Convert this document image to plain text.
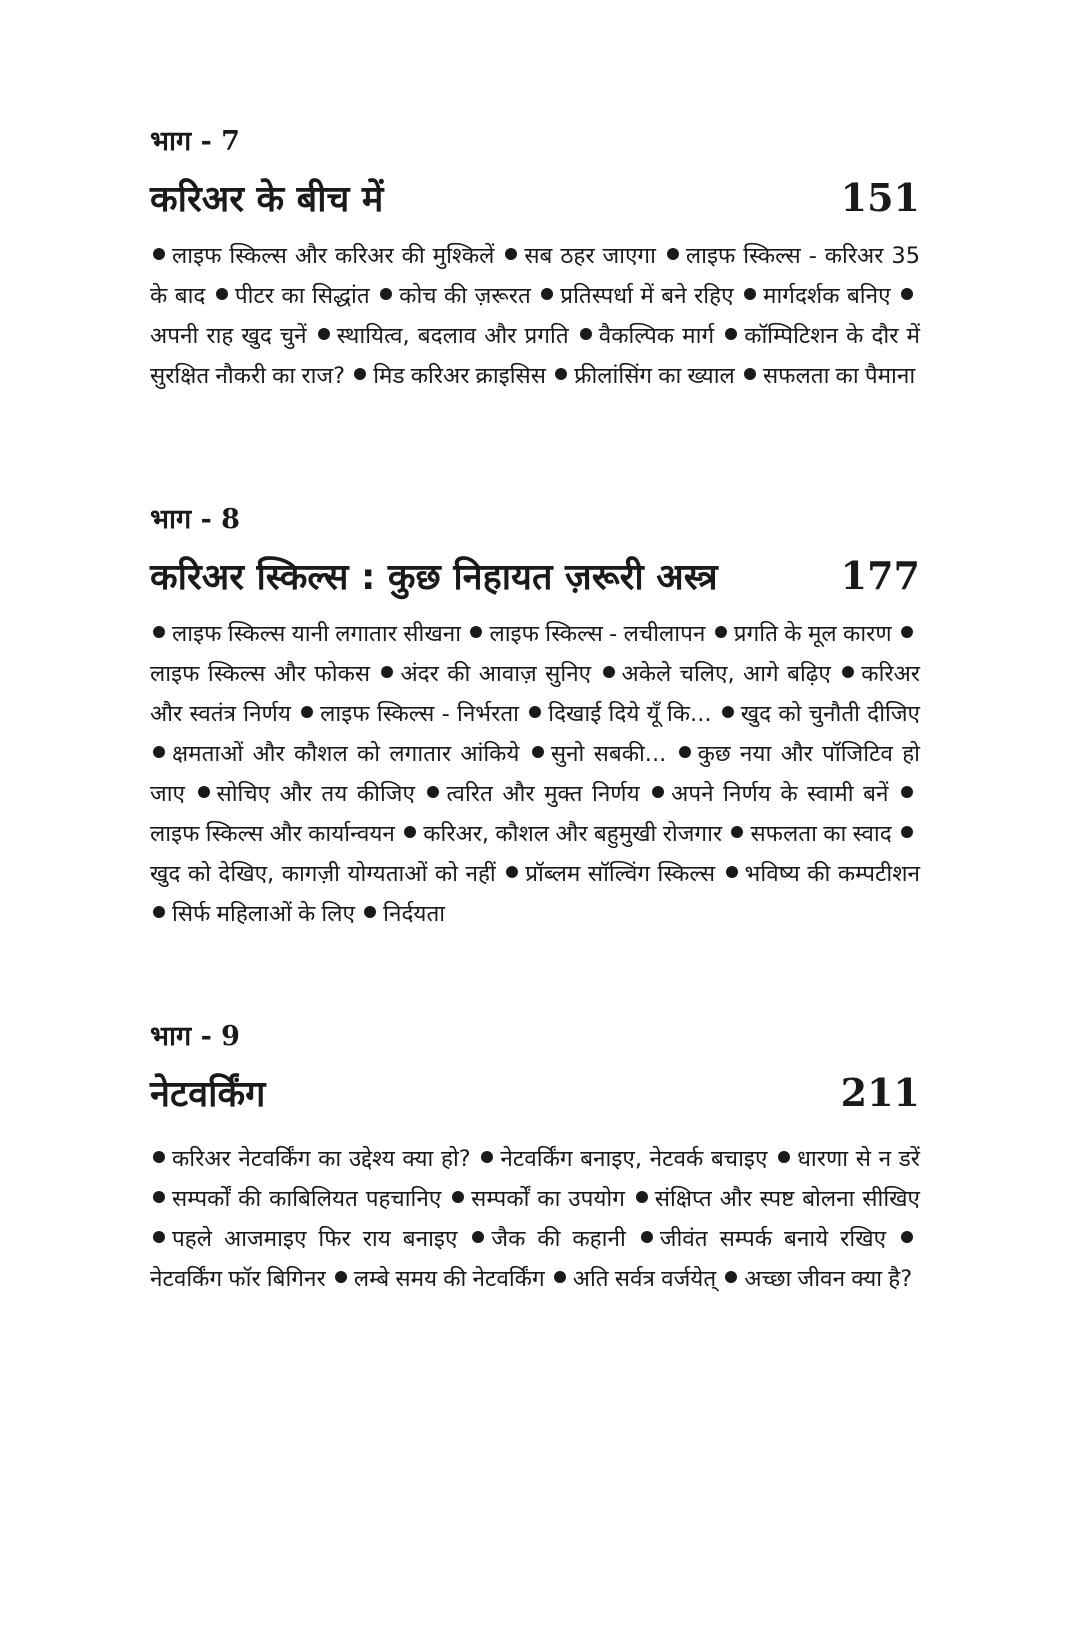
भाग - 7
करिअर के बीच में	151
लाइफ स्किल्स और करिअर की मुश्किलें सब ठहर जाएगा लाइफ स्किल्स - करिअर 35 के बाद पीटर का सिद्धांत कोच की ज़रूरत प्रतिस्पर्धा में बने रहिए मार्गदर्शक बनिए अपनी राह खुद चुनें स्थायित्व, बदलाव और प्रगति वैकल्पिक मार्ग कॉम्पिटिशन के दौर में सुरक्षित नौकरी का राज? मिड करिअर क्राइसिस फ्रीलांसिंग का ख्याल सफलता का पैमाना
भाग - 8
करिअर स्किल्स : कुछ निहायत ज़रूरी अस्त्र	177
लाइफ स्किल्स यानी लगातार सीखना लाइफ स्किल्स - लचीलापन प्रगति के मूल कारण लाइफ स्किल्स और फोकस अंदर की आवाज़ सुनिए अकेले चलिए, आगे बढ़िए करिअर और स्वतंत्र निर्णय लाइफ स्किल्स - निर्भरता दिखाई दिये यूँ कि... खुद को चुनौती दीजिए क्षमताओं और कौशल को लगातार आंकिये सुनो सबकी... कुछ नया और पॉजिटिव हो जाए सोचिए और तय कीजिए त्वरित और मुक्त निर्णय अपने निर्णय के स्वामी बनें लाइफ स्किल्स और कार्यान्वयन करिअर, कौशल और बहुमुखी रोजगार सफलता का स्वाद खुद को देखिए, कागज़ी योग्यताओं को नहीं प्रॉब्लम सॉल्विंग स्किल्स भविष्य की कम्पटीशन सिर्फ महिलाओं के लिए निर्दयता
भाग - 9
नेटवर्किंग	211
करिअर नेटवर्किंग का उद्देश्य क्या हो? नेटवर्किंग बनाइए, नेटवर्क बचाइए धारणा से न डरें सम्पर्कों की काबिलियत पहचानिए सम्पर्कों का उपयोग संक्षिप्त और स्पष्ट बोलना सीखिए पहले आजमाइए फिर राय बनाइए जैक की कहानी जीवंत सम्पर्क बनाये रखिए नेटवर्किंग फॉर बिगिनर लम्बे समय की नेटवर्किंग अति सर्वत्र वर्जयेत् अच्छा जीवन क्या है?
